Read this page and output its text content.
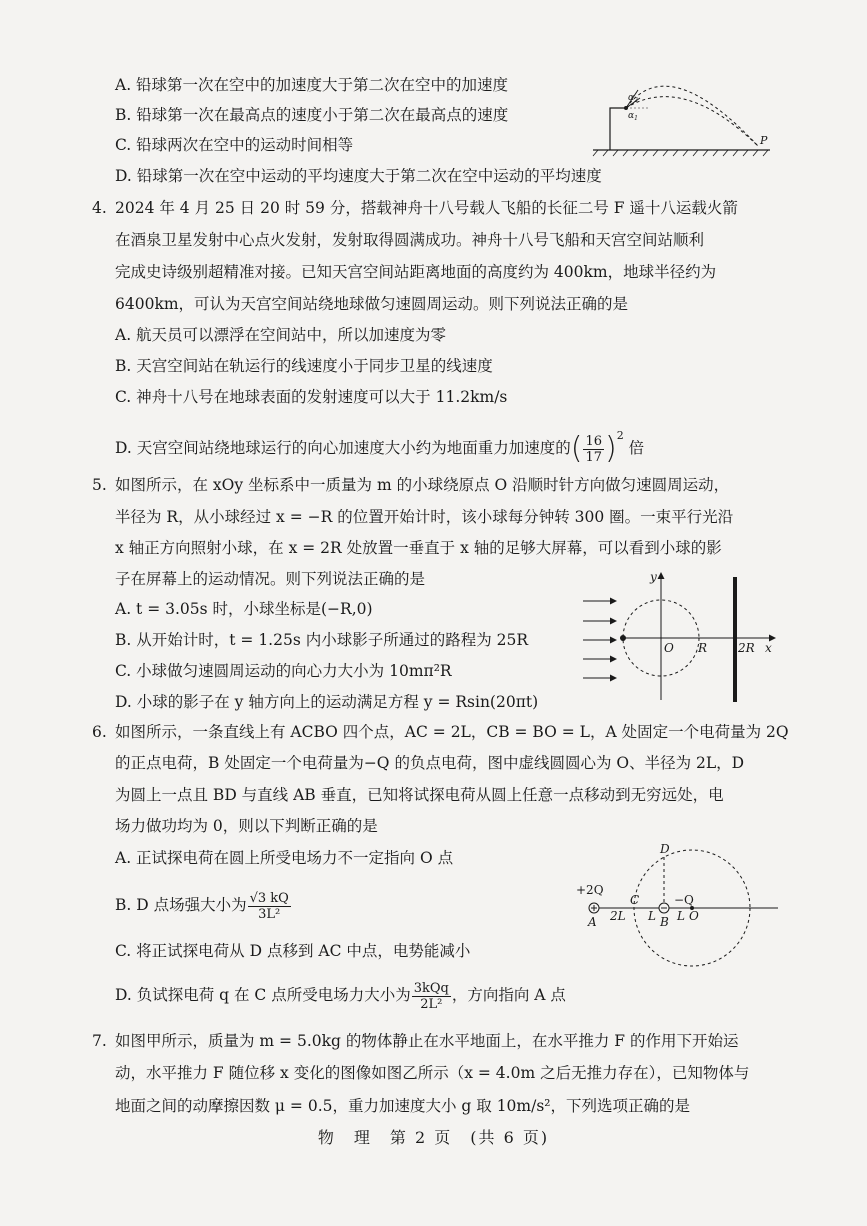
A. 铅球第一次在空中的加速度大于第二次在空中的加速度
B. 铅球第一次在最高点的速度小于第二次在最高点的速度
C. 铅球两次在空中的运动时间相等
D. 铅球第一次在空中运动的平均速度大于第二次在空中运动的平均速度
$\alpha_2$
$\alpha_1$
P
4. 2024 年 4 月 25 日 20 时 59 分，搭载神舟十八号载人飞船的长征二号 F 遥十八运载火箭
在酒泉卫星发射中心点火发射，发射取得圆满成功。神舟十八号飞船和天宫空间站顺利
完成史诗级别超精准对接。已知天宫空间站距离地面的高度约为 400km，地球半径约为
6400km，可认为天宫空间站绕地球做匀速圆周运动。则下列说法正确的是
A. 航天员可以漂浮在空间站中，所以加速度为零
B. 天宫空间站在轨运行的线速度小于同步卫星的线速度
C. 神舟十八号在地球表面的发射速度可以大于 11.2km/s
D. 天宫空间站绕地球运行的向心加速度大小约为地面重力加速度的( $\frac{16}{17} )^2$ 倍
5. 如图所示，在 xOy 坐标系中一质量为 m 的小球绕原点 O 沿顺时针方向做匀速圆周运动，
半径为 R，从小球经过 x = −R 的位置开始计时，该小球每分钟转 300 圈。一束平行光沿
x 轴正方向照射小球，在 x = 2R 处放置一垂直于 x 轴的足够大屏幕，可以看到小球的影
子在屏幕上的运动情况。则下列说法正确的是
A. t = 3.05s 时，小球坐标是(−R,0)
B. 从开始计时，t = 1.25s 内小球影子所通过的路程为 25R
C. 小球做匀速圆周运动的向心力大小为 10mπ²R
D. 小球的影子在 y 轴方向上的运动满足方程 y = Rsin(20πt)
y
x
O R	2R
6. 如图所示，一条直线上有 ACBO 四个点，AC = 2L，CB = BO = L，A 处固定一个电荷量为 2Q
的正点电荷，B 处固定一个电荷量为−Q 的负点电荷，图中虚线圆圆心为 O、半径为 2L，D
为圆上一点且 BD 与直线 AB 垂直，已知将试探电荷从圆上任意一点移动到无穷远处，电
场力做功均为 0，则以下判断正确的是
A. 正试探电荷在圆上所受电场力不一定指向 O 点
B. D 点场强大小为 $\frac{√3 kQ}{\text{3L²}}$
C. 将正试探电荷从 D 点移到 AC 中点，电势能减小
D. 负试探电荷 q 在 C 点所受电场力大小为 $\frac{\text{3kQq}}{\text{2L²}}$ ，方向指向 A 点
D
+2Q
C	−Q
A 2L L B L O
7. 如图甲所示，质量为 m = 5.0kg 的物体静止在水平地面上，在水平推力 F 的作用下开始运
动，水平推力 F 随位移 x 变化的图像如图乙所示（x = 4.0m 之后无推力存在），已知物体与
地面之间的动摩擦因数 μ = 0.5，重力加速度大小 g 取 10m/s²，下列选项正确的是
物　理　第 2 页　(共 6 页)
